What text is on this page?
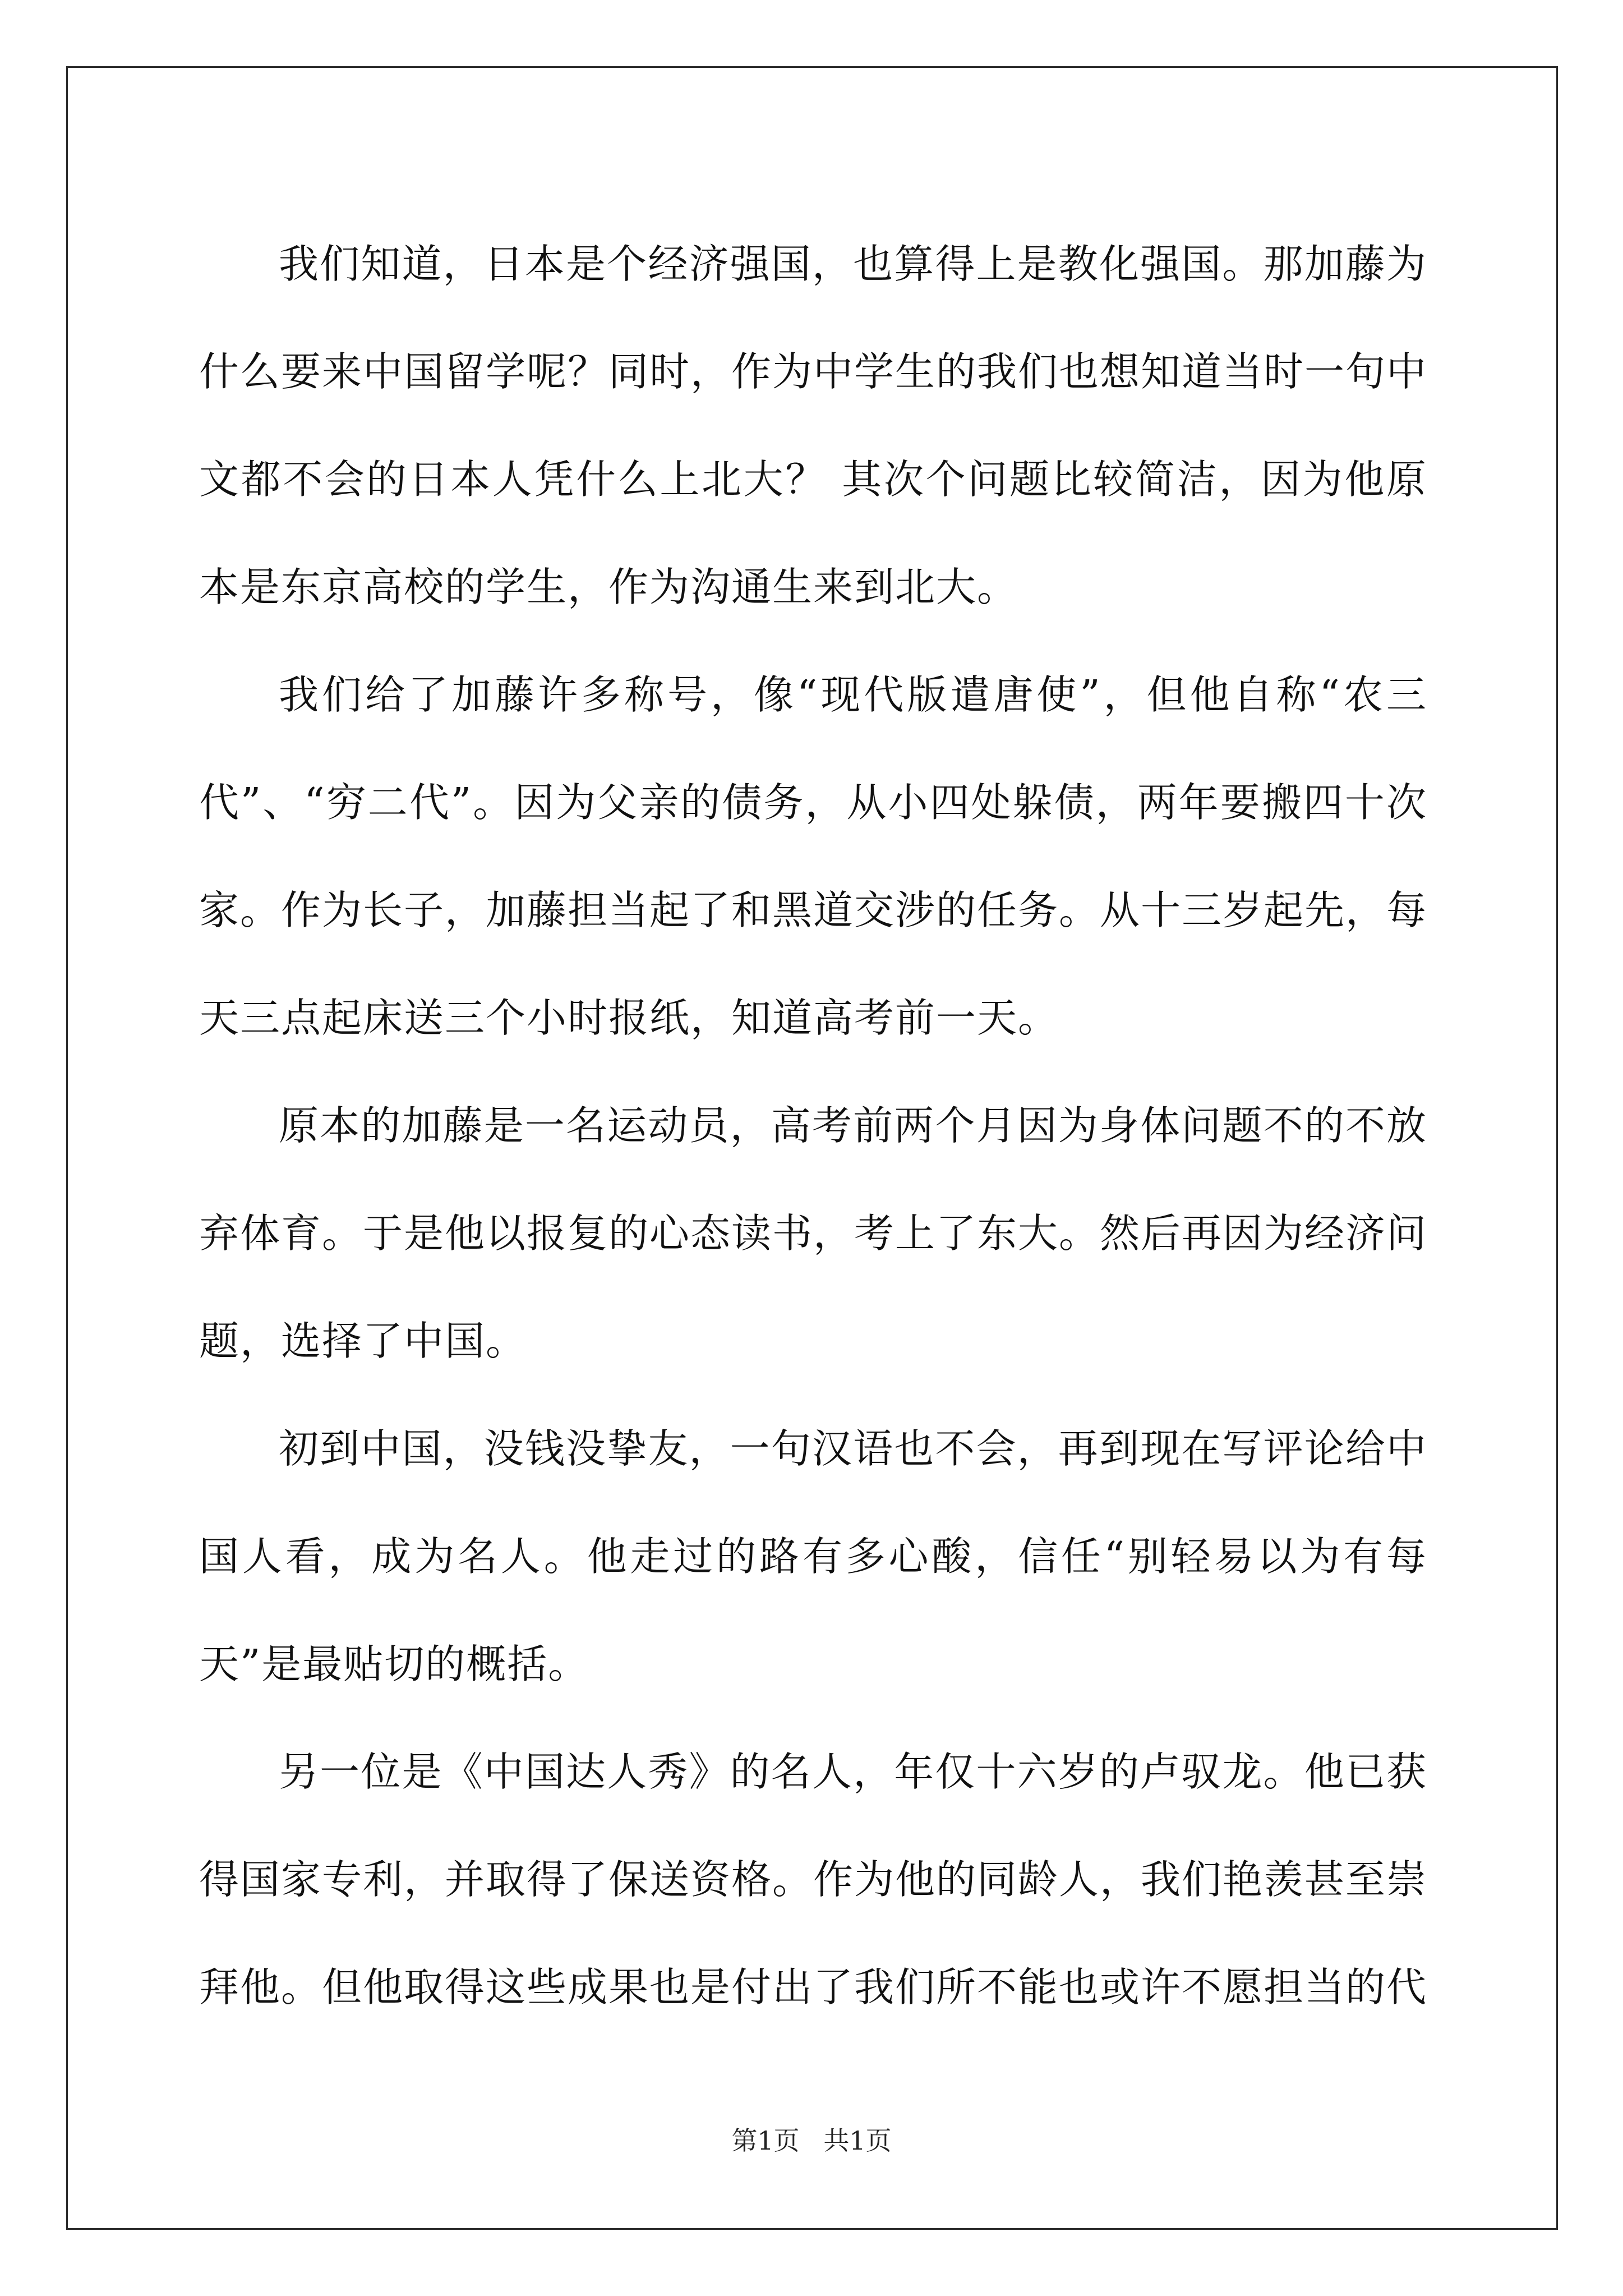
我们知道，日本是个经济强国，也算得上是教化强国。那加藤为什么要来中国留学呢？同时，作为中学生的我们也想知道当时一句中文都不会的日本人凭什么上北大？ 其次个问题比较简洁，因为他原本是东京高校的学生，作为沟通生来到北大。

我们给了加藤许多称号，像“现代版遣唐使”，但他自称“农三代”、“穷二代”。因为父亲的债务，从小四处躲债，两年要搬四十次家。作为长子，加藤担当起了和黑道交涉的任务。从十三岁起先，每天三点起床送三个小时报纸，知道高考前一天。

原本的加藤是一名运动员，高考前两个月因为身体问题不的不放弃体育。于是他以报复的心态读书，考上了东大。然后再因为经济问题，选择了中国。

初到中国，没钱没挚友，一句汉语也不会，再到现在写评论给中国人看，成为名人。他走过的路有多心酸，信任“别轻易以为有每天”是最贴切的概括。

另一位是《中国达人秀》的名人，年仅十六岁的卢驭龙。他已获得国家专利，并取得了保送资格。作为他的同龄人，我们艳羡甚至崇拜他。但他取得这些成果也是付出了我们所不能也或许不愿担当的代

第1页 共1页
